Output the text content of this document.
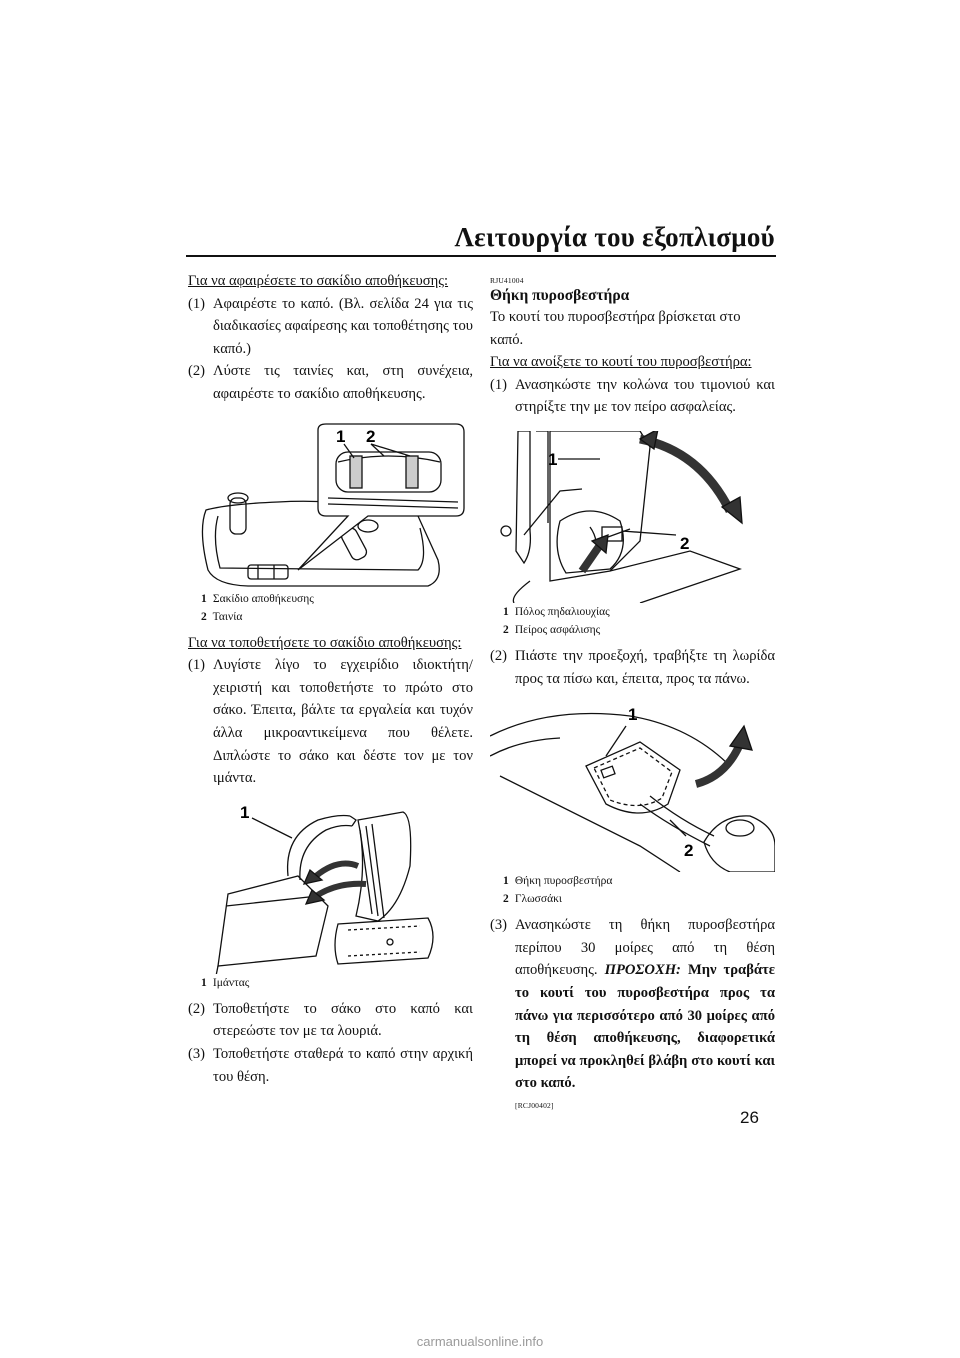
Λειτουργία του εξοπλισμού

Για να αφαιρέσετε το σακίδιο αποθήκευσης:

(1) Αφαιρέστε το καπό. (Βλ. σελίδα 24 για τις διαδικασίες αφαίρεσης και τοποθέτησης του καπό.)

(2) Λύστε τις ταινίες και, στη συνέχεια, αφαιρέστε το σακίδιο αποθήκευσης.

1 2
1 Σακίδιο αποθήκευσης
2 Ταινία

Για να τοποθετήσετε το σακίδιο αποθήκευσης:

(1) Λυγίστε λίγο το εγχειρίδιο ιδιοκτήτη/χειριστή και τοποθετήστε το πρώτο στο σάκο. Έπειτα, βάλτε τα εργαλεία και τυχόν άλλα μικροαντικείμενα που θέλετε. Διπλώστε το σάκο και δέστε τον με τον ιμάντα.

1
1 Ιμάντας

(2) Τοποθετήστε το σάκο στο καπό και στερεώστε τον με τα λουριά.

(3) Τοποθετήστε σταθερά το καπό στην αρχική του θέση.

RJU41004

Θήκη πυροσβεστήρα

Το κουτί του πυροσβεστήρα βρίσκεται στο καπό.

Για να ανοίξετε το κουτί του πυροσβεστήρα:

(1) Ανασηκώστε την κολώνα του τιμονιού και στηρίξτε την με τον πείρο ασφαλείας.

1
2
1 Πόλος πηδαλιουχίας
2 Πείρος ασφάλισης

(2) Πιάστε την προεξοχή, τραβήξτε τη λωρίδα προς τα πίσω και, έπειτα, προς τα πάνω.

1
2
1 Θήκη πυροσβεστήρα
2 Γλωσσάκι

(3) Ανασηκώστε τη θήκη πυροσβεστήρα περίπου 30 μοίρες από τη θέση αποθήκευσης. ΠΡΟΣΟΧΗ: Μην τραβάτε το κουτί του πυροσβεστήρα προς τα πάνω για περισσότερο από 30 μοίρες από τη θέση αποθήκευσης, διαφορετικά μπορεί να προκληθεί βλάβη στο κουτί και στο καπό.

[RCJ00402]

26
carmanualsonline.info
